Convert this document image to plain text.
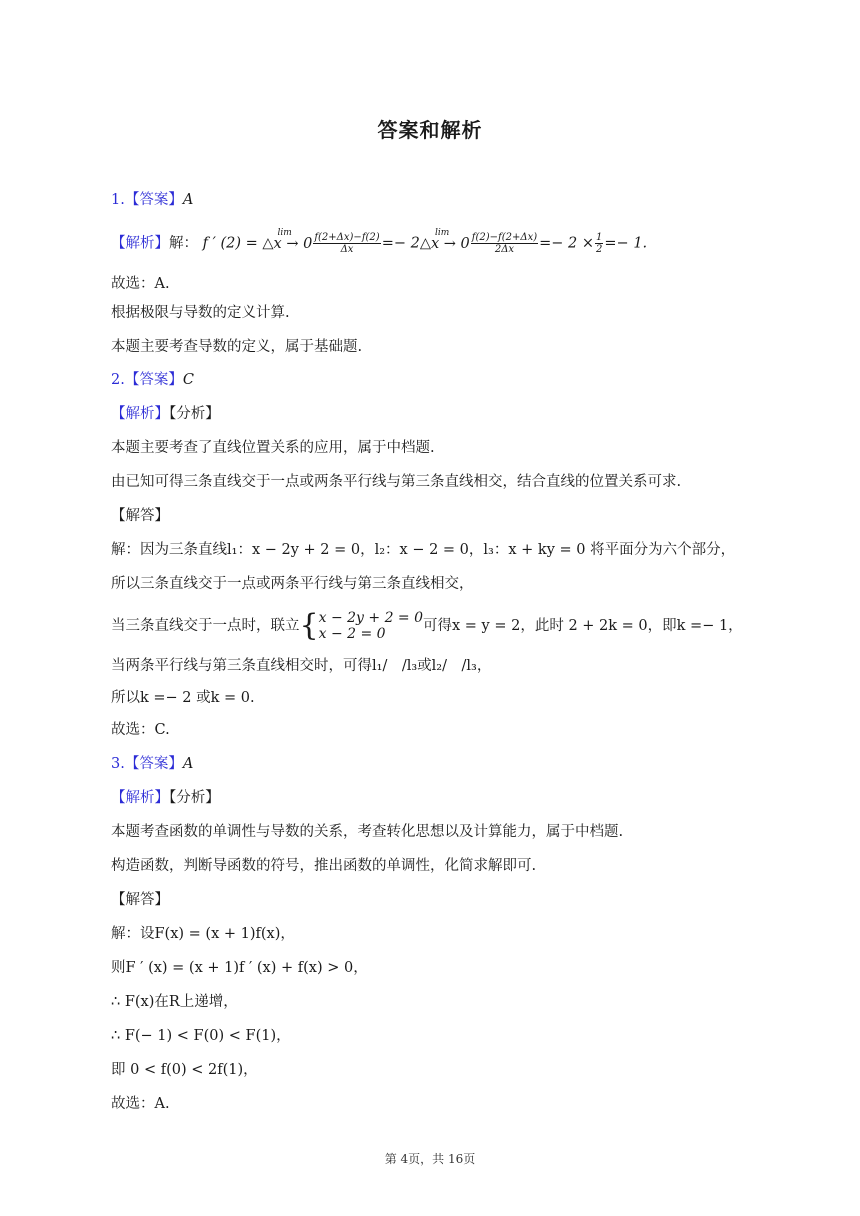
答案和解析
1.【答案】A
【解析】解： f ′ (2) = △
lim
$x \to 0 \frac{f(2+\Delta x)-f(2)}{\Delta x}$ =− 2△
lim
$x \to 0 \frac{f(2)-f(2+\Delta x)}{2\Delta x} =- 2 \times \frac{1}{2} =- 1$.
故选：A.
根据极限与导数的定义计算.
本题主要考查导数的定义，属于基础题.
2.【答案】C
【解析】【分析】
本题主要考查了直线位置关系的应用，属于中档题.
由已知可得三条直线交于一点或两条平行线与第三条直线相交，结合直线的位置关系可求.
【解答】
解：因为三条直线l₁：x − 2y + 2 = 0，l₂：x − 2 = 0，l₃：x + ky = 0 将平面分为六个部分，
所以三条直线交于一点或两条平行线与第三条直线相交，
当三条直线交于一点时，联立{ x − 2y + 2 = 0
x − 2 = 0	可得x = y = 2，此时 2 + 2k = 0，即k =− 1，
当两条平行线与第三条直线相交时，可得l₁/　/l₃或l₂/　/l₃，
所以k =− 2 或k = 0.
故选：C.
3.【答案】A
【解析】【分析】
本题考查函数的单调性与导数的关系，考查转化思想以及计算能力，属于中档题.
构造函数，判断导函数的符号，推出函数的单调性，化简求解即可.
【解答】
解：设F(x) = (x + 1)f(x)，
则F ′ (x) = (x + 1)f ′ (x) + f(x) > 0，
∴ F(x)在R上递增，
∴ F(− 1) < F(0) < F(1)，
即 0 < f(0) < 2f(1)，
故选：A.
第 4页，共 16页
